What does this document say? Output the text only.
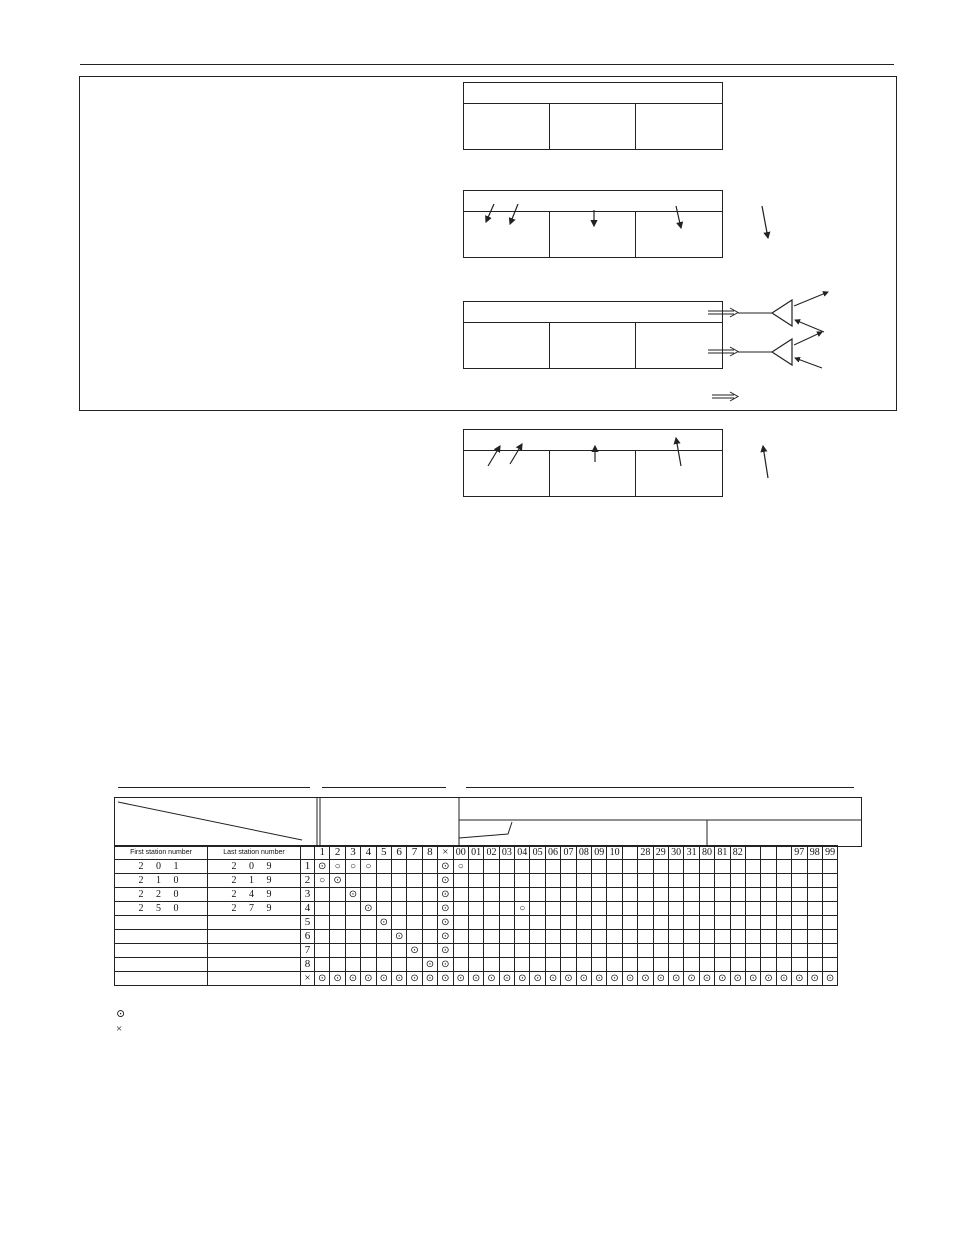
First station number	Last station number		1	2	3	4	5	6	7	8	×	00	01	02	03	04	05	06	07	08	09	10		28	29	30	31	80	81	82				97	98	99
2 0 1	2 0 9	1	⊙	○	○	○					⊙	○																								
2 1 0	2 1 9	2	○	⊙							⊙																									
2 2 0	2 4 9	3			⊙						⊙																									
2 5 0	2 7 9	4				⊙					⊙					○																				
		5					⊙				⊙																									
		6						⊙			⊙																									
		7							⊙		⊙																									
		8								⊙	⊙																									
		×	⊙	⊙	⊙	⊙	⊙	⊙	⊙	⊙	⊙	⊙	⊙	⊙	⊙	⊙	⊙	⊙	⊙	⊙	⊙	⊙	⊙	⊙	⊙	⊙	⊙	⊙	⊙	⊙	⊙	⊙	⊙	⊙	⊙	⊙
⊙
×
